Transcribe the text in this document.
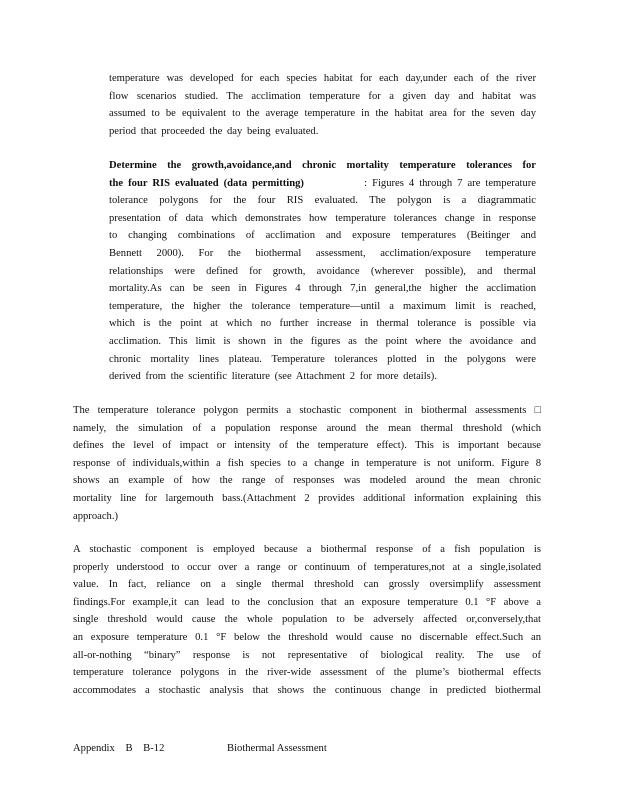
temperature was developed for each species habitat for each day,under each of the river
flow scenarios studied. The acclimation temperature for a given day and habitat was
assumed to be equivalent to the average temperature in the habitat area for the seven day
period that proceeded the day being evaluated.
Determine the growth,avoidance,and chronic mortality temperature tolerances for
the four RIS evaluated (data permitting)	: Figures 4 through 7 are temperature
tolerance polygons for the four RIS evaluated. The polygon is a diagrammatic
presentation of data which demonstrates how temperature tolerances change in response
to changing combinations of acclimation and exposure temperatures (Beitinger and
Bennett 2000). For the biothermal assessment, acclimation/exposure temperature
relationships were defined for growth, avoidance (wherever possible), and thermal
mortality.As can be seen in Figures 4 through 7,in general,the higher the acclimation
temperature, the higher the tolerance temperature—until a maximum limit is reached,
which is the point at which no further increase in thermal tolerance is possible via
acclimation. This limit is shown in the figures as the point where the avoidance and
chronic mortality lines plateau. Temperature tolerances plotted in the polygons were
derived from the scientific literature (see Attachment 2 for more details).
The temperature tolerance polygon permits a stochastic component in biothermal assessments □
namely, the simulation of a population response around the mean thermal threshold (which
defines the level of impact or intensity of the temperature effect). This is important because
response of individuals,within a fish species to a change in temperature is not uniform. Figure 8
shows an example of how the range of responses was modeled around the mean chronic
mortality line for largemouth bass.(Attachment 2 provides additional information explaining this
approach.)
A stochastic component is employed because a biothermal response of a fish population is
properly understood to occur over a range or continuum of temperatures,not at a single,isolated
value. In fact, reliance on a single thermal threshold can grossly oversimplify assessment
findings.For example,it can lead to the conclusion that an exposure temperature 0.1 °F above a
single threshold would cause the whole population to be adversely affected or,conversely,that
an exposure temperature 0.1 °F below the threshold would cause no discernable effect.Such an
all-or-nothing “binary” response is not representative of biological reality. The use of
temperature tolerance polygons in the river-wide assessment of the plume’s biothermal effects
accommodates a stochastic analysis that shows the continuous change in predicted biothermal
Appendix B B-12	Biothermal Assessment
